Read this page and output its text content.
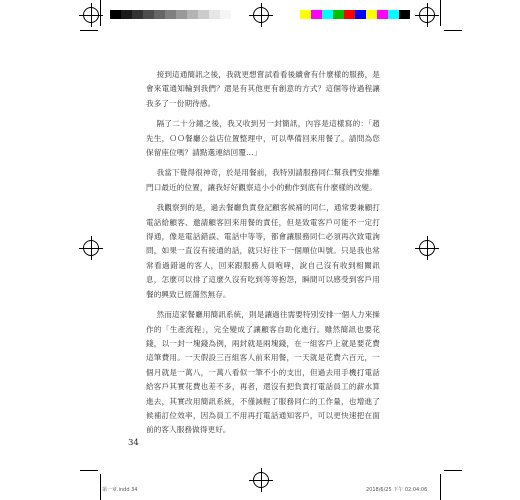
接到這通簡訊之後，我就更想嘗試看看後續會有什麼樣的服務，是會來電通知輪到我們？還是有其他更有創意的方式？這個等待過程讓我多了一份期待感。

隔了二十分鐘之後，我又收到另一封簡訊，內容是這樣寫的：「趙先生，ＯＯ餐廳公益店位置整理中，可以準備回來用餐了。請問為您保留座位嗎？請點選連結回覆…」

我當下覺得很神奇，於是用餐前，我特別請服務同仁幫我們安排離門口最近的位置，讓我好好觀察這小小的動作到底有什麼樣的改變。

我觀察到的是，過去餐廳負責登記顧客候補的同仁，通常要兼顧打電話給顧客、邀請顧客回來用餐的責任，但是致電客戶可能不一定打得通，像是電話錯誤、電話中等等，都會讓服務同仁必須再次致電詢問，如果一直沒有接通的話，就只好往下一個順位叫號。只是我也常常看過錯過的客人，回來跟服務人員咆哮，說自己沒有收到相關訊息，怎麼可以排了這麼久沒有吃到等等抱怨，瞬間可以感受到客戶用餐的興致已經蕩然無存。

然而這家餐廳用簡訊系統，則是讓過往需要特別安排一個人力來操作的「生產流程」，完全變成了讓顧客自助化進行。雖然簡訊也要花錢，以一封一塊錢為例，兩封就是兩塊錢，在一組客戶上就是要花費這筆費用。一天假設三百組客人前來用餐，一天就是花費六百元，一個月就是一萬八，一萬八看似一筆不小的支出，但過去用手機打電話給客戶其實花費也差不多，再者，還沒有把負責打電話員工的薪水算進去，其實改用簡訊系統，不僅減輕了服務同仁的工作量，也增進了候補訂位效率，因為員工不用再打電話通知客戶，可以更快速把在面前的客人服務做得更好。

34
第一章.indd 34	2018/6/25 下午 02:04:06
